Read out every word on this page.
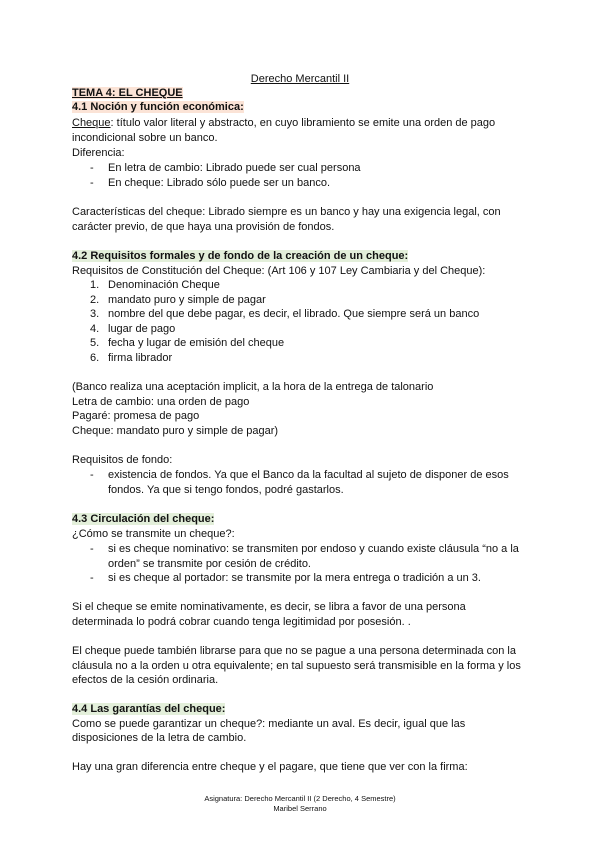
Derecho Mercantil II
TEMA 4: EL CHEQUE
4.1 Noción y función económica:
Cheque: título valor literal y abstracto, en cuyo libramiento se emite una orden de pago
incondicional sobre un banco.
Diferencia:
- En letra de cambio: Librado puede ser cual persona
- En cheque: Librado sólo puede ser un banco.
Características del cheque: Librado siempre es un banco y hay una exigencia legal, con
carácter previo, de que haya una provisión de fondos.
4.2 Requisitos formales y de fondo de la creación de un cheque:
Requisitos de Constitución del Cheque: (Art 106 y 107 Ley Cambiaria y del Cheque):
1. Denominación Cheque
2. mandato puro y simple de pagar
3. nombre del que debe pagar, es decir, el librado. Que siempre será un banco
4. lugar de pago
5. fecha y lugar de emisión del cheque
6. firma librador
(Banco realiza una aceptación implicit, a la hora de la entrega de talonario
Letra de cambio: una orden de pago
Pagaré: promesa de pago
Cheque: mandato puro y simple de pagar)
Requisitos de fondo:
- existencia de fondos. Ya que el Banco da la facultad al sujeto de disponer de esos
fondos. Ya que si tengo fondos, podré gastarlos.
4.3 Circulación del cheque:
¿Cómo se transmite un cheque?:
- si es cheque nominativo: se transmiten por endoso y cuando existe cláusula “no a la
orden” se transmite por cesión de crédito.
- si es cheque al portador: se transmite por la mera entrega o tradición a un 3.
Si el cheque se emite nominativamente, es decir, se libra a favor de una persona
determinada lo podrá cobrar cuando tenga legitimidad por posesión. .
El cheque puede también librarse para que no se pague a una persona determinada con la
cláusula no a la orden u otra equivalente; en tal supuesto será transmisible en la forma y los
efectos de la cesión ordinaria.
4.4 Las garantías del cheque:
Como se puede garantizar un cheque?: mediante un aval. Es decir, igual que las
disposiciones de la letra de cambio.
Hay una gran diferencia entre cheque y el pagare, que tiene que ver con la firma:
Asignatura: Derecho Mercantil II (2 Derecho, 4 Semestre)
Maribel Serrano
